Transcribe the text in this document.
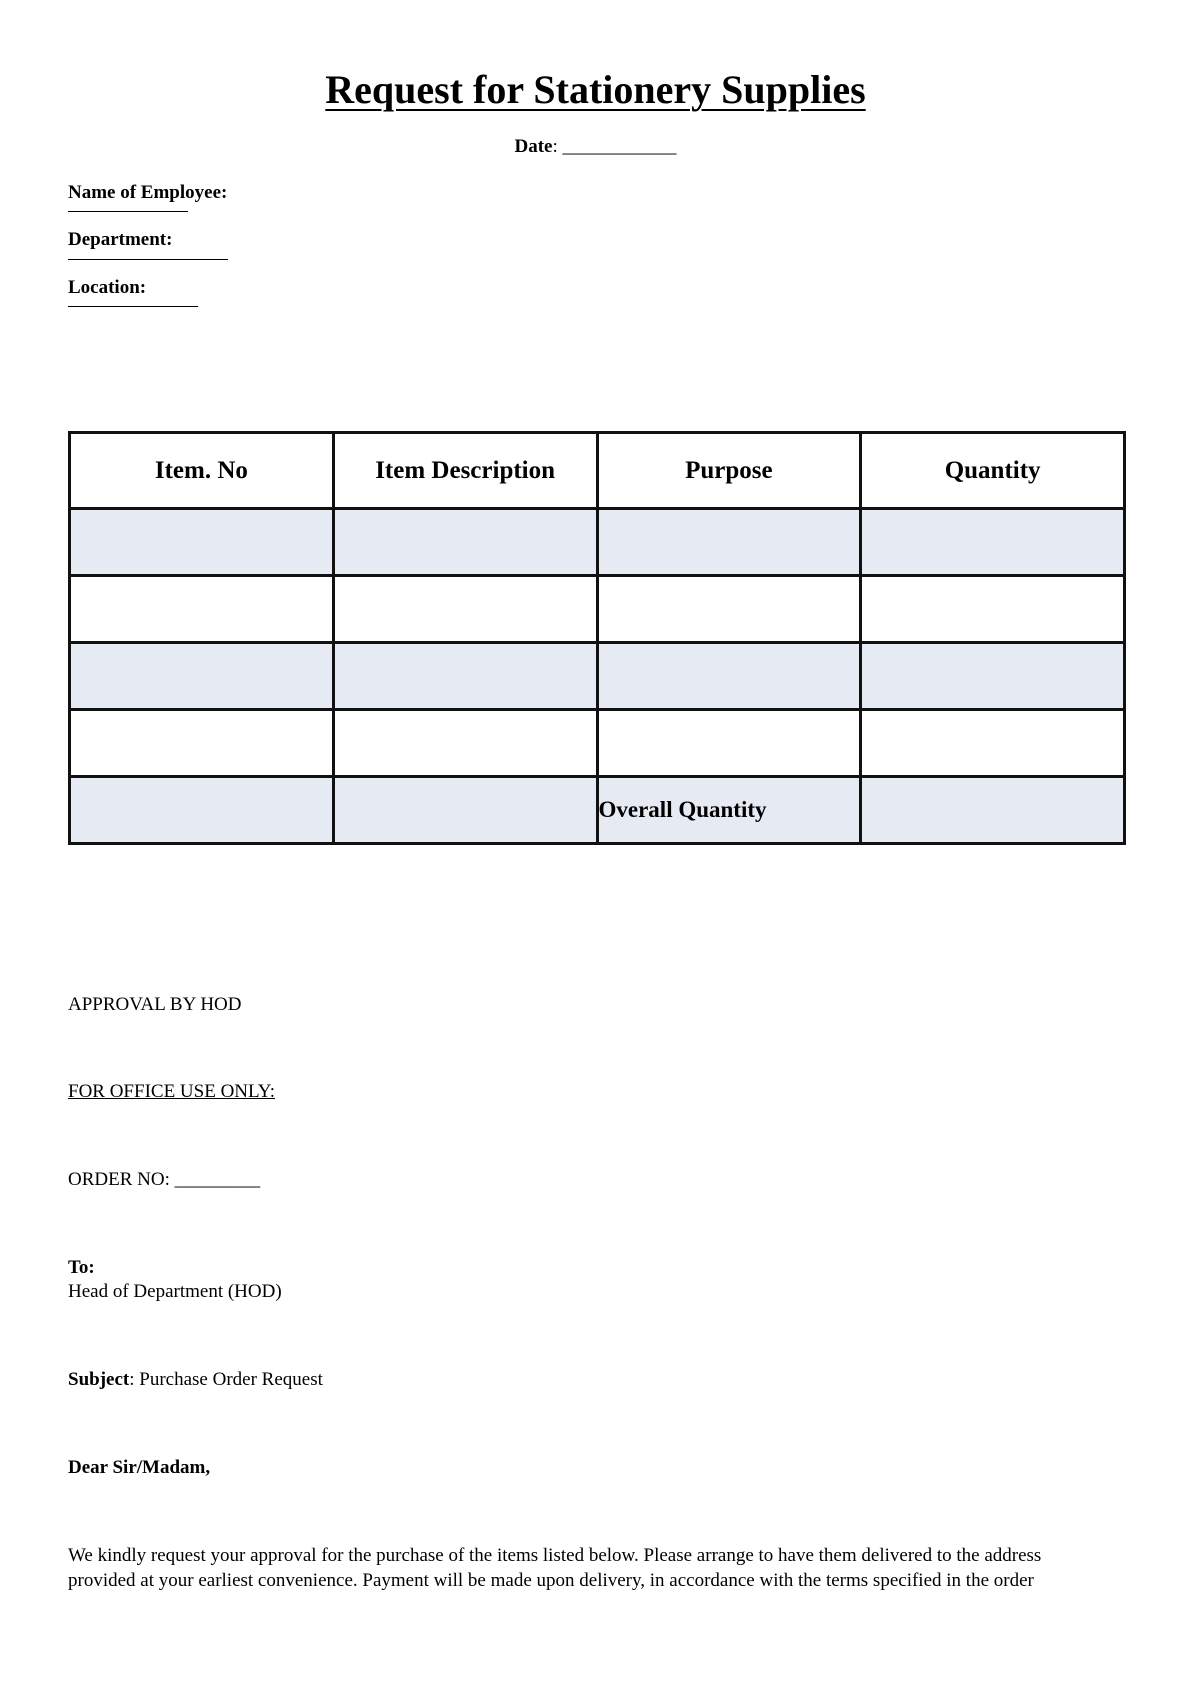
Request for Stationery Supplies
Date: ____________
Name of Employee:
Department:
Location:
Item. No	Item Description	Purpose	Quantity

		Overall Quantity	
APPROVAL BY HOD
FOR OFFICE USE ONLY:
ORDER NO: _________
To:
Head of Department (HOD)
Subject: Purchase Order Request
Dear Sir/Madam,
We kindly request your approval for the purchase of the items listed below. Please arrange to have them delivered to the address
provided at your earliest convenience. Payment will be made upon delivery, in accordance with the terms specified in the order
